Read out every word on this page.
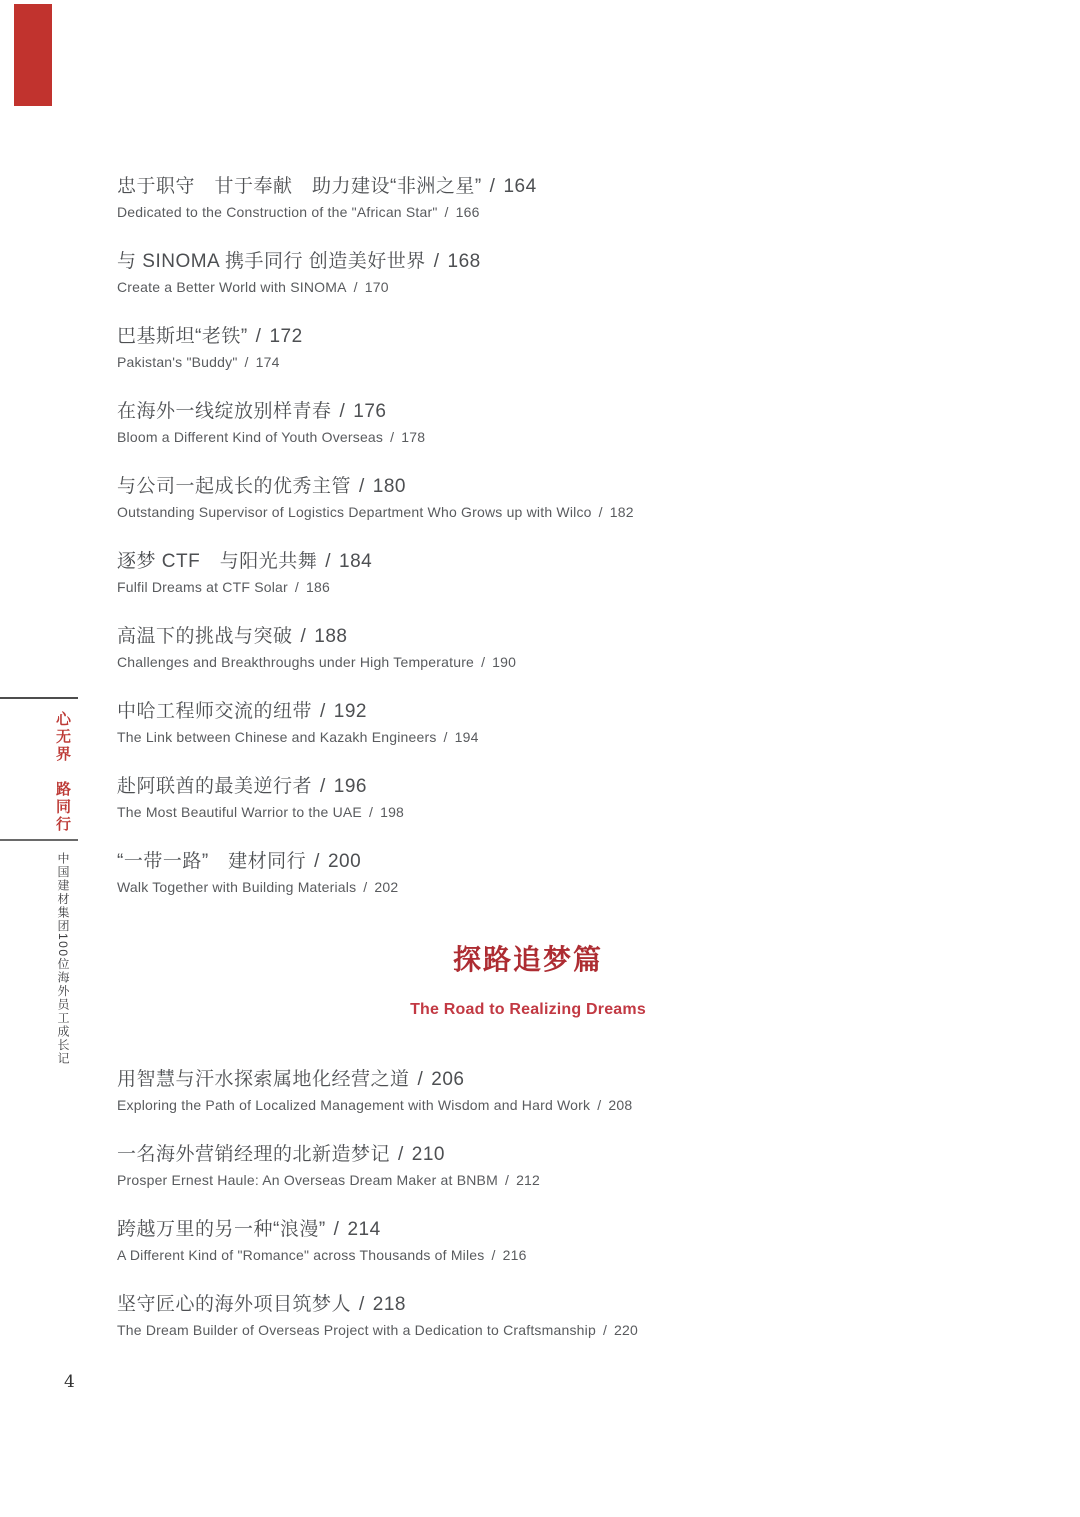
心无界　路同行
中国建材集团100位海外员工成长记
忠于职守　甘于奉献　助力建设“非洲之星” / 164
Dedicated to the Construction of the "African Star" / 166
与 SINOMA 携手同行 创造美好世界 / 168
Create a Better World with SINOMA / 170
巴基斯坦“老铁” / 172
Pakistan's "Buddy" / 174
在海外一线绽放别样青春 / 176
Bloom a Different Kind of Youth Overseas / 178
与公司一起成长的优秀主管 / 180
Outstanding Supervisor of Logistics Department Who Grows up with Wilco / 182
逐梦 CTF　与阳光共舞 / 184
Fulfil Dreams at CTF Solar / 186
高温下的挑战与突破 / 188
Challenges and Breakthroughs under High Temperature / 190
中哈工程师交流的纽带 / 192
The Link between Chinese and Kazakh Engineers / 194
赴阿联酋的最美逆行者 / 196
The Most Beautiful Warrior to the UAE / 198
“一带一路”　建材同行 / 200
Walk Together with Building Materials / 202
探路追梦篇
The Road to Realizing Dreams
用智慧与汗水探索属地化经营之道 / 206
Exploring the Path of Localized Management with Wisdom and Hard Work / 208
一名海外营销经理的北新造梦记 / 210
Prosper Ernest Haule: An Overseas Dream Maker at BNBM / 212
跨越万里的另一种“浪漫” / 214
A Different Kind of "Romance" across Thousands of Miles / 216
坚守匠心的海外项目筑梦人 / 218
The Dream Builder of Overseas Project with a Dedication to Craftsmanship / 220
4
